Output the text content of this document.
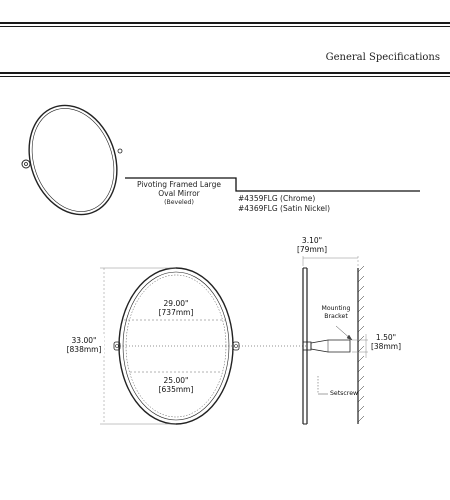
General Specifications
Pivoting Framed Large
Oval Mirror
(Beveled)	#4359FLG (Chrome)
#4369FLG (Satin Nickel)
3.10"
[79mm]
33.00"
[838mm]
29.00"
[737mm]
25.00"
[635mm]
1.50"
[38mm]
Mounting
Bracket
Setscrew
